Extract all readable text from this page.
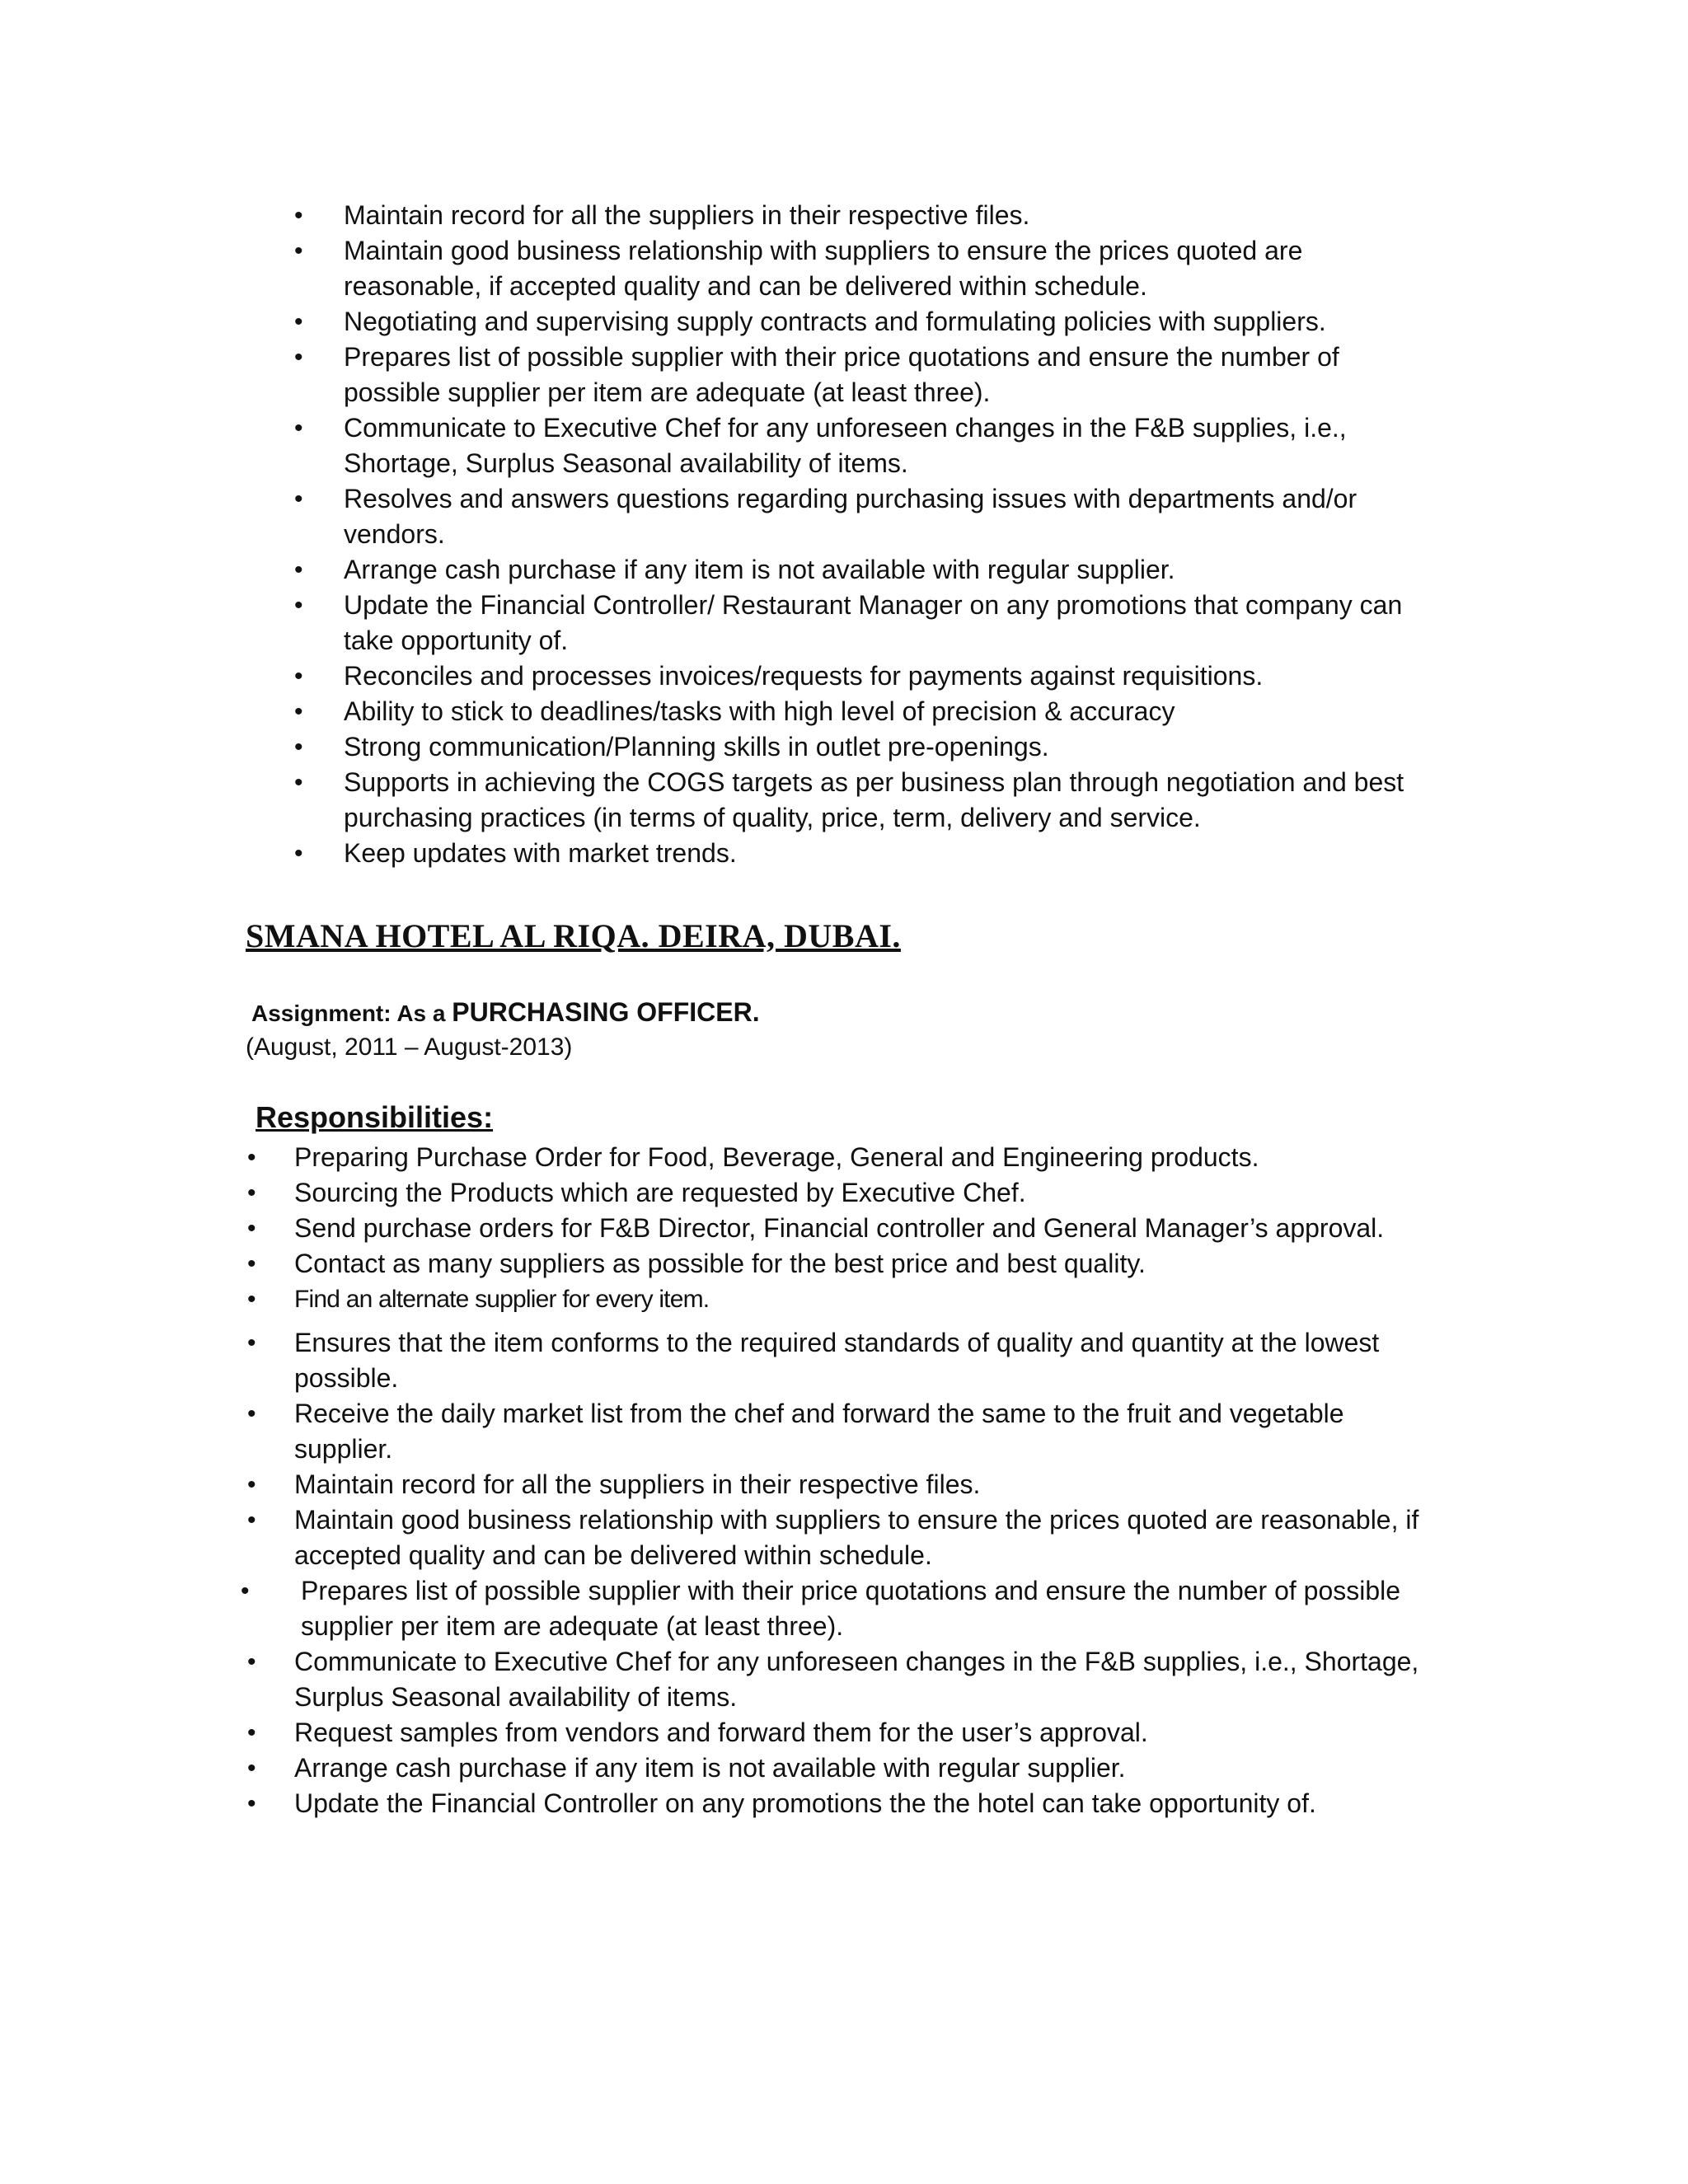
• Maintain record for all the suppliers in their respective files.
• Maintain good business relationship with suppliers to ensure the prices quoted are reasonable, if accepted quality and can be delivered within schedule.
• Negotiating and supervising supply contracts and formulating policies with suppliers.
• Prepares list of possible supplier with their price quotations and ensure the number of possible supplier per item are adequate (at least three).
• Communicate to Executive Chef for any unforeseen changes in the F&B supplies, i.e., Shortage, Surplus Seasonal availability of items.
• Resolves and answers questions regarding purchasing issues with departments and/or vendors.
• Arrange cash purchase if any item is not available with regular supplier.
• Update the Financial Controller/ Restaurant Manager on any promotions that company can take opportunity of.
• Reconciles and processes invoices/requests for payments against requisitions.
• Ability to stick to deadlines/tasks with high level of precision & accuracy
• Strong communication/Planning skills in outlet pre-openings.
• Supports in achieving the COGS targets as per business plan through negotiation and best purchasing practices (in terms of quality, price, term, delivery and service.
• Keep updates with market trends.
SMANA HOTEL AL RIQA. DEIRA, DUBAI.
Assignment: As a PURCHASING OFFICER.
(August, 2011 – August-2013)
Responsibilities:
• Preparing Purchase Order for Food, Beverage, General and Engineering products.
• Sourcing the Products which are requested by Executive Chef.
• Send purchase orders for F&B Director, Financial controller and General Manager’s approval.
• Contact as many suppliers as possible for the best price and best quality.
• Find an alternate supplier for every item.
• Ensures that the item conforms to the required standards of quality and quantity at the lowest possible.
• Receive the daily market list from the chef and forward the same to the fruit and vegetable supplier.
• Maintain record for all the suppliers in their respective files.
• Maintain good business relationship with suppliers to ensure the prices quoted are reasonable, if accepted quality and can be delivered within schedule.
• Prepares list of possible supplier with their price quotations and ensure the number of possible supplier per item are adequate (at least three).
• Communicate to Executive Chef for any unforeseen changes in the F&B supplies, i.e., Shortage, Surplus Seasonal availability of items.
• Request samples from vendors and forward them for the user’s approval.
• Arrange cash purchase if any item is not available with regular supplier.
• Update the Financial Controller on any promotions the the hotel can take opportunity of.
